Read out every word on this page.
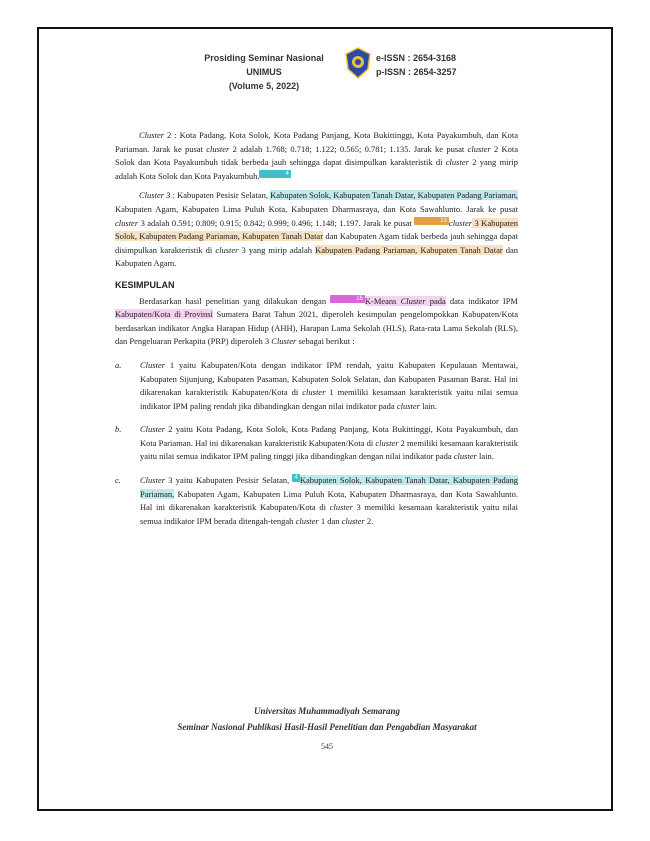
Prosiding Seminar Nasional UNIMUS
(Volume 5, 2022)
e-ISSN : 2654-3168
p-ISSN : 2654-3257

Cluster 2 : Kota Padang, Kota Solok, Kota Padang Panjang, Kota Bukittinggi, Kota Payakumbuh, dan Kota Pariaman. Jarak ke pusat cluster 2 adalah 1.768; 0.718; 1.122; 0.565; 0.781; 1.135. Jarak ke pusat cluster 2 Kota Solok dan Kota Payakumbuh tidak berbeda jauh sehingga dapat disimpulkan karakteristik di cluster 2 yang mirip adalah Kota Solok dan Kota Payakumbuh.	4

Cluster 3 : Kabupaten Pesisir Selatan, Kabupaten Solok, Kabupaten Tanah Datar, Kabupaten Padang Pariaman, Kabupaten Agam, Kabupaten Lima Puluh Kota, Kabupaten Dharmasraya, dan Kota Sawahlunto. Jarak ke pusat cluster 3 adalah 0.591; 0.809; 0.915; 0.842; 0.999; 0.496; 1.148; 1.197. Jarak ke pusat	13 cluster 3 Kabupaten Solok, Kabupaten Padang Pariaman, Kabupaten Tanah Datar dan Kabupaten Agam tidak berbeda jauh sehingga dapat disimpulkan karakteristik di cluster 3 yang mirip adalah Kabupaten Padang Pariaman, Kabupaten Tanah Datar dan Kabupaten Agam.

KESIMPULAN

Berdasarkan hasil penelitian yang dilakukan dengan	16 K-Means Cluster pada data indikator IPM Kabupaten/Kota di Provinsi Sumatera Barat Tahun 2021, diperoleh kesimpulan pengelompokkan Kabupaten/Kota berdasarkan indikator Angka Harapan Hidup (AHH), Harapan Lama Sekolah (HLS), Rata-rata Lama Sekolah (RLS), dan Pengeluaran Perkapita (PRP) diperoleh 3 Cluster sebagai berikut :

a. Cluster 1 yaitu Kabupaten/Kota dengan indikator IPM rendah, yaitu Kabupaten Kepulauan Mentawai, Kabupaten Sijunjung, Kabupaten Pasaman, Kabupaten Solok Selatan, dan Kabupaten Pasaman Barat. Hal ini dikarenakan karakteristik Kabupaten/Kota di cluster 1 memiliki kesamaan karakteristik yaitu nilai semua indikator IPM paling rendah jika dibandingkan dengan nilai indikator pada cluster lain.
b. Cluster 2 yaitu Kota Padang, Kota Solok, Kota Padang Panjang, Kota Bukittinggi, Kota Payakumbuh, dan Kota Pariaman. Hal ini dikarenakan karakteristik Kabupaten/Kota di cluster 2 memiliki kesamaan karakteristik yaitu nilai semua indikator IPM paling tinggi jika dibandingkan dengan nilai indikator pada cluster lain.
c. Cluster 3 yaitu Kabupaten Pesisir Selatan, 4 Kabupaten Solok, Kabupaten Tanah Datar, Kabupaten Padang Pariaman, Kabupaten Agam, Kabupaten Lima Puluh Kota, Kabupaten Dharmasraya, dan Kota Sawahlunto. Hal ini dikarenakan karakteristik Kabupaten/Kota di cluster 3 memiliki kesamaan karakteristik yaitu nilai semua indikator IPM berada ditengah-tengah cluster 1 dan cluster 2.
Universitas Muhammadiyah Semarang
Seminar Nasional Publikasi Hasil-Hasil Penelitian dan Pengabdian Masyarakat
545
